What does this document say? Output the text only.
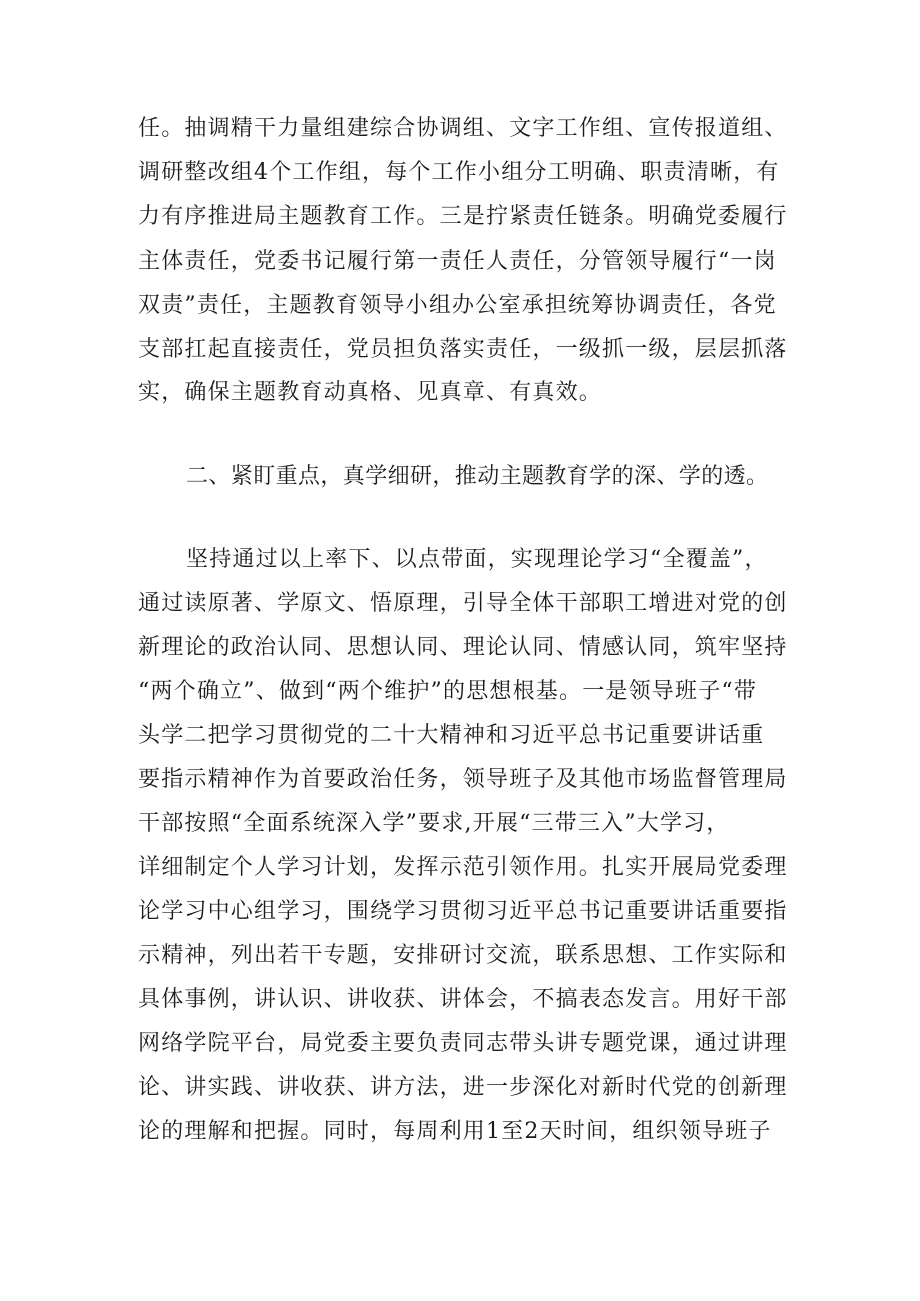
任。抽调精干力量组建综合协调组、文字工作组、宣传报道组、
调研整改组4个工作组，每个工作小组分工明确、职责清晰，有
力有序推进局主题教育工作。三是拧紧责任链条。明确党委履行
主体责任，党委书记履行第一责任人责任，分管领导履行“一岗
双责”责任，主题教育领导小组办公室承担统筹协调责任，各党
支部扛起直接责任，党员担负落实责任，一级抓一级，层层抓落
实，确保主题教育动真格、见真章、有真效。
二、紧盯重点，真学细研，推动主题教育学的深、学的透。
坚持通过以上率下、以点带面，实现理论学习“全覆盖”，
通过读原著、学原文、悟原理，引导全体干部职工增进对党的创
新理论的政治认同、思想认同、理论认同、情感认同，筑牢坚持
“两个确立”、做到“两个维护”的思想根基。一是领导班子“带
头学二把学习贯彻党的二十大精神和习近平总书记重要讲话重
要指示精神作为首要政治任务，领导班子及其他市场监督管理局
干部按照“全面系统深入学”要求,开展“三带三入”大学习，
详细制定个人学习计划，发挥示范引领作用。扎实开展局党委理
论学习中心组学习，围绕学习贯彻习近平总书记重要讲话重要指
示精神，列出若干专题，安排研讨交流，联系思想、工作实际和
具体事例，讲认识、讲收获、讲体会，不搞表态发言。用好干部
网络学院平台，局党委主要负责同志带头讲专题党课，通过讲理
论、讲实践、讲收获、讲方法，进一步深化对新时代党的创新理
论的理解和把握。同时，每周利用1至2天时间，组织领导班子
